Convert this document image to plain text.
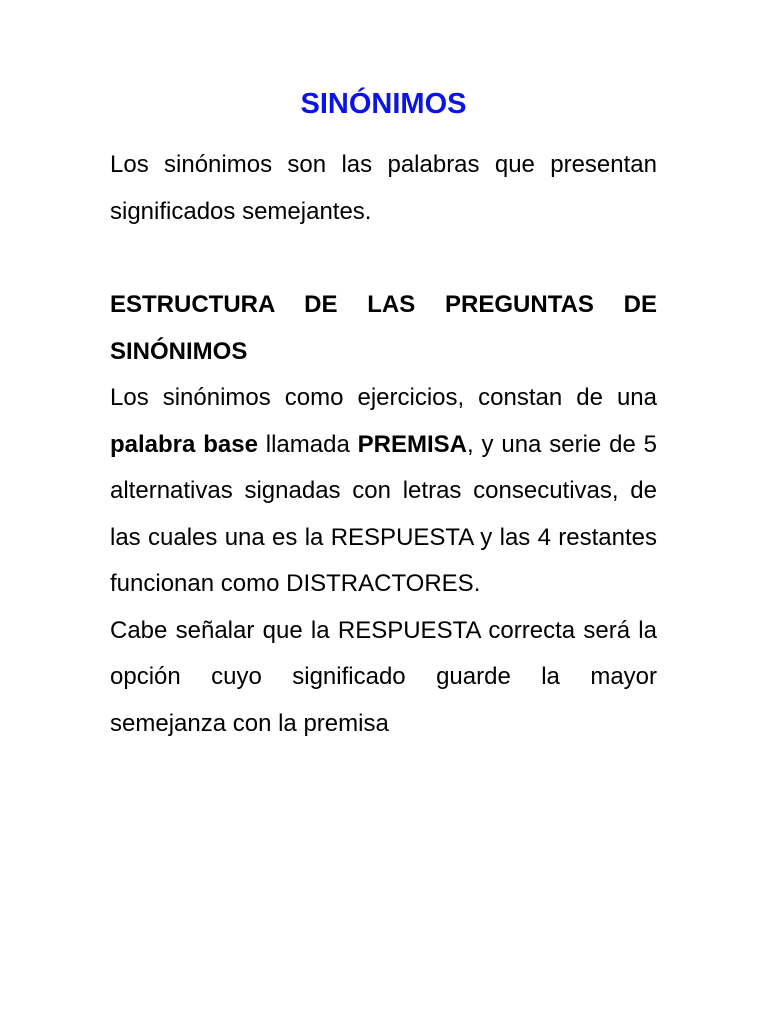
SINÓNIMOS

Los sinónimos son las palabras que presentan significados semejantes.

ESTRUCTURA DE LAS PREGUNTAS DE SINÓNIMOS

Los sinónimos como ejercicios, constan de una palabra base llamada PREMISA, y una serie de 5 alternativas signadas con letras consecutivas, de las cuales una es la RESPUESTA y las 4 restantes funcionan como DISTRACTORES.

Cabe señalar que la RESPUESTA correcta será la opción cuyo significado guarde la mayor semejanza con la premisa
